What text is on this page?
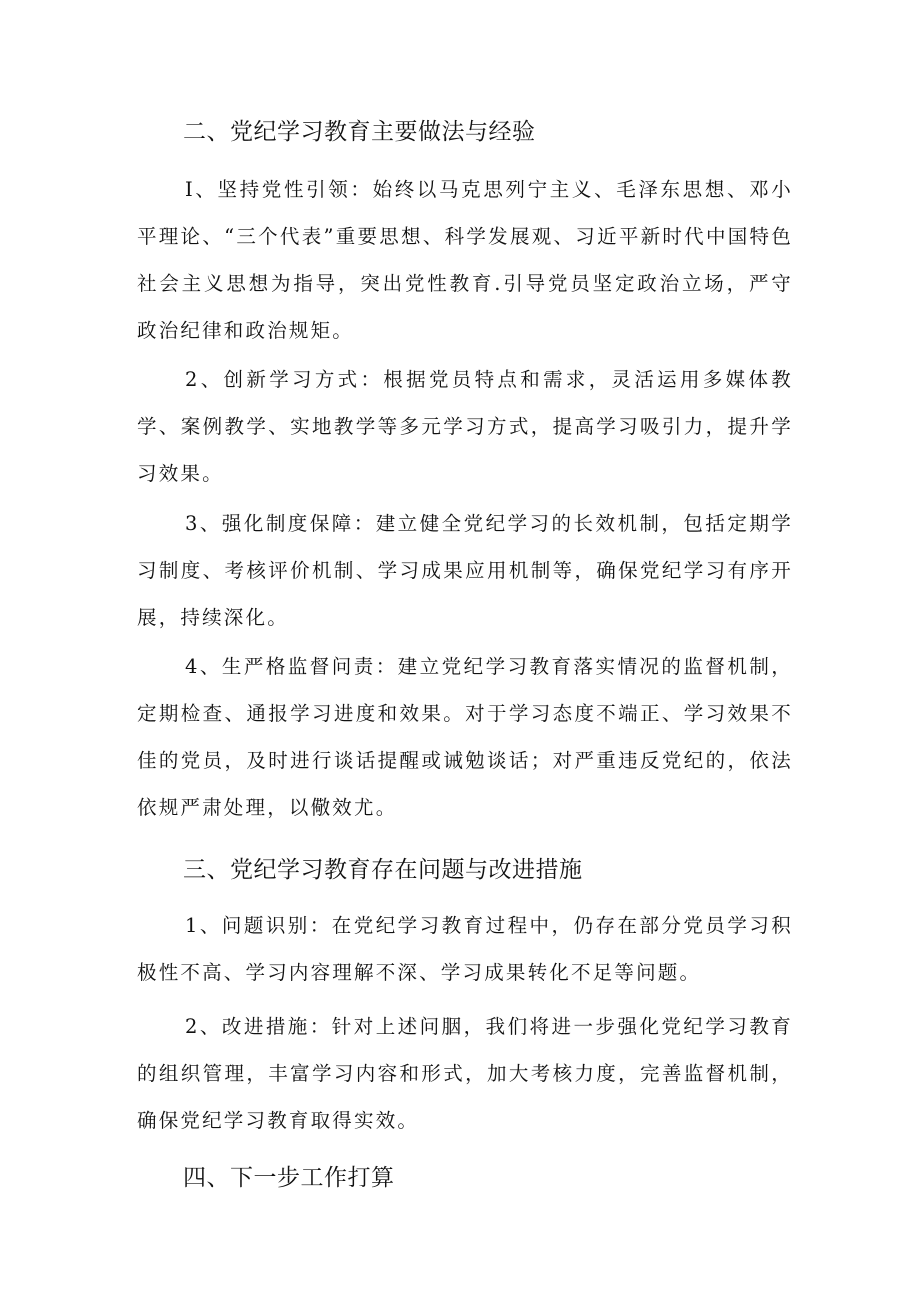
二、党纪学习教育主要做法与经验

I、坚持党性引领：始终以马克思列宁主义、毛泽东思想、邓小平理论、“三个代表”重要思想、科学发展观、习近平新时代中国特色社会主义思想为指导，突出党性教育.引导党员坚定政治立场，严守政治纪律和政治规矩。

2、创新学习方式：根据党员特点和需求，灵活运用多媒体教学、案例教学、实地教学等多元学习方式，提高学习吸引力，提升学习效果。

3、强化制度保障：建立健全党纪学习的长效机制，包括定期学习制度、考核评价机制、学习成果应用机制等，确保党纪学习有序开展，持续深化。

4、生严格监督问责：建立党纪学习教育落实情况的监督机制，定期检查、通报学习进度和效果。对于学习态度不端正、学习效果不佳的党员，及时进行谈话提醒或诫勉谈话；对严重违反党纪的，依法依规严肃处理，以儆效尤。

三、党纪学习教育存在问题与改进措施

1、问题识别：在党纪学习教育过程中，仍存在部分党员学习积极性不高、学习内容理解不深、学习成果转化不足等问题。

2、改进措施：针对上述问胭，我们将进一步强化党纪学习教育的组织管理，丰富学习内容和形式，加大考核力度，完善监督机制，确保党纪学习教育取得实效。

四、下一步工作打算
